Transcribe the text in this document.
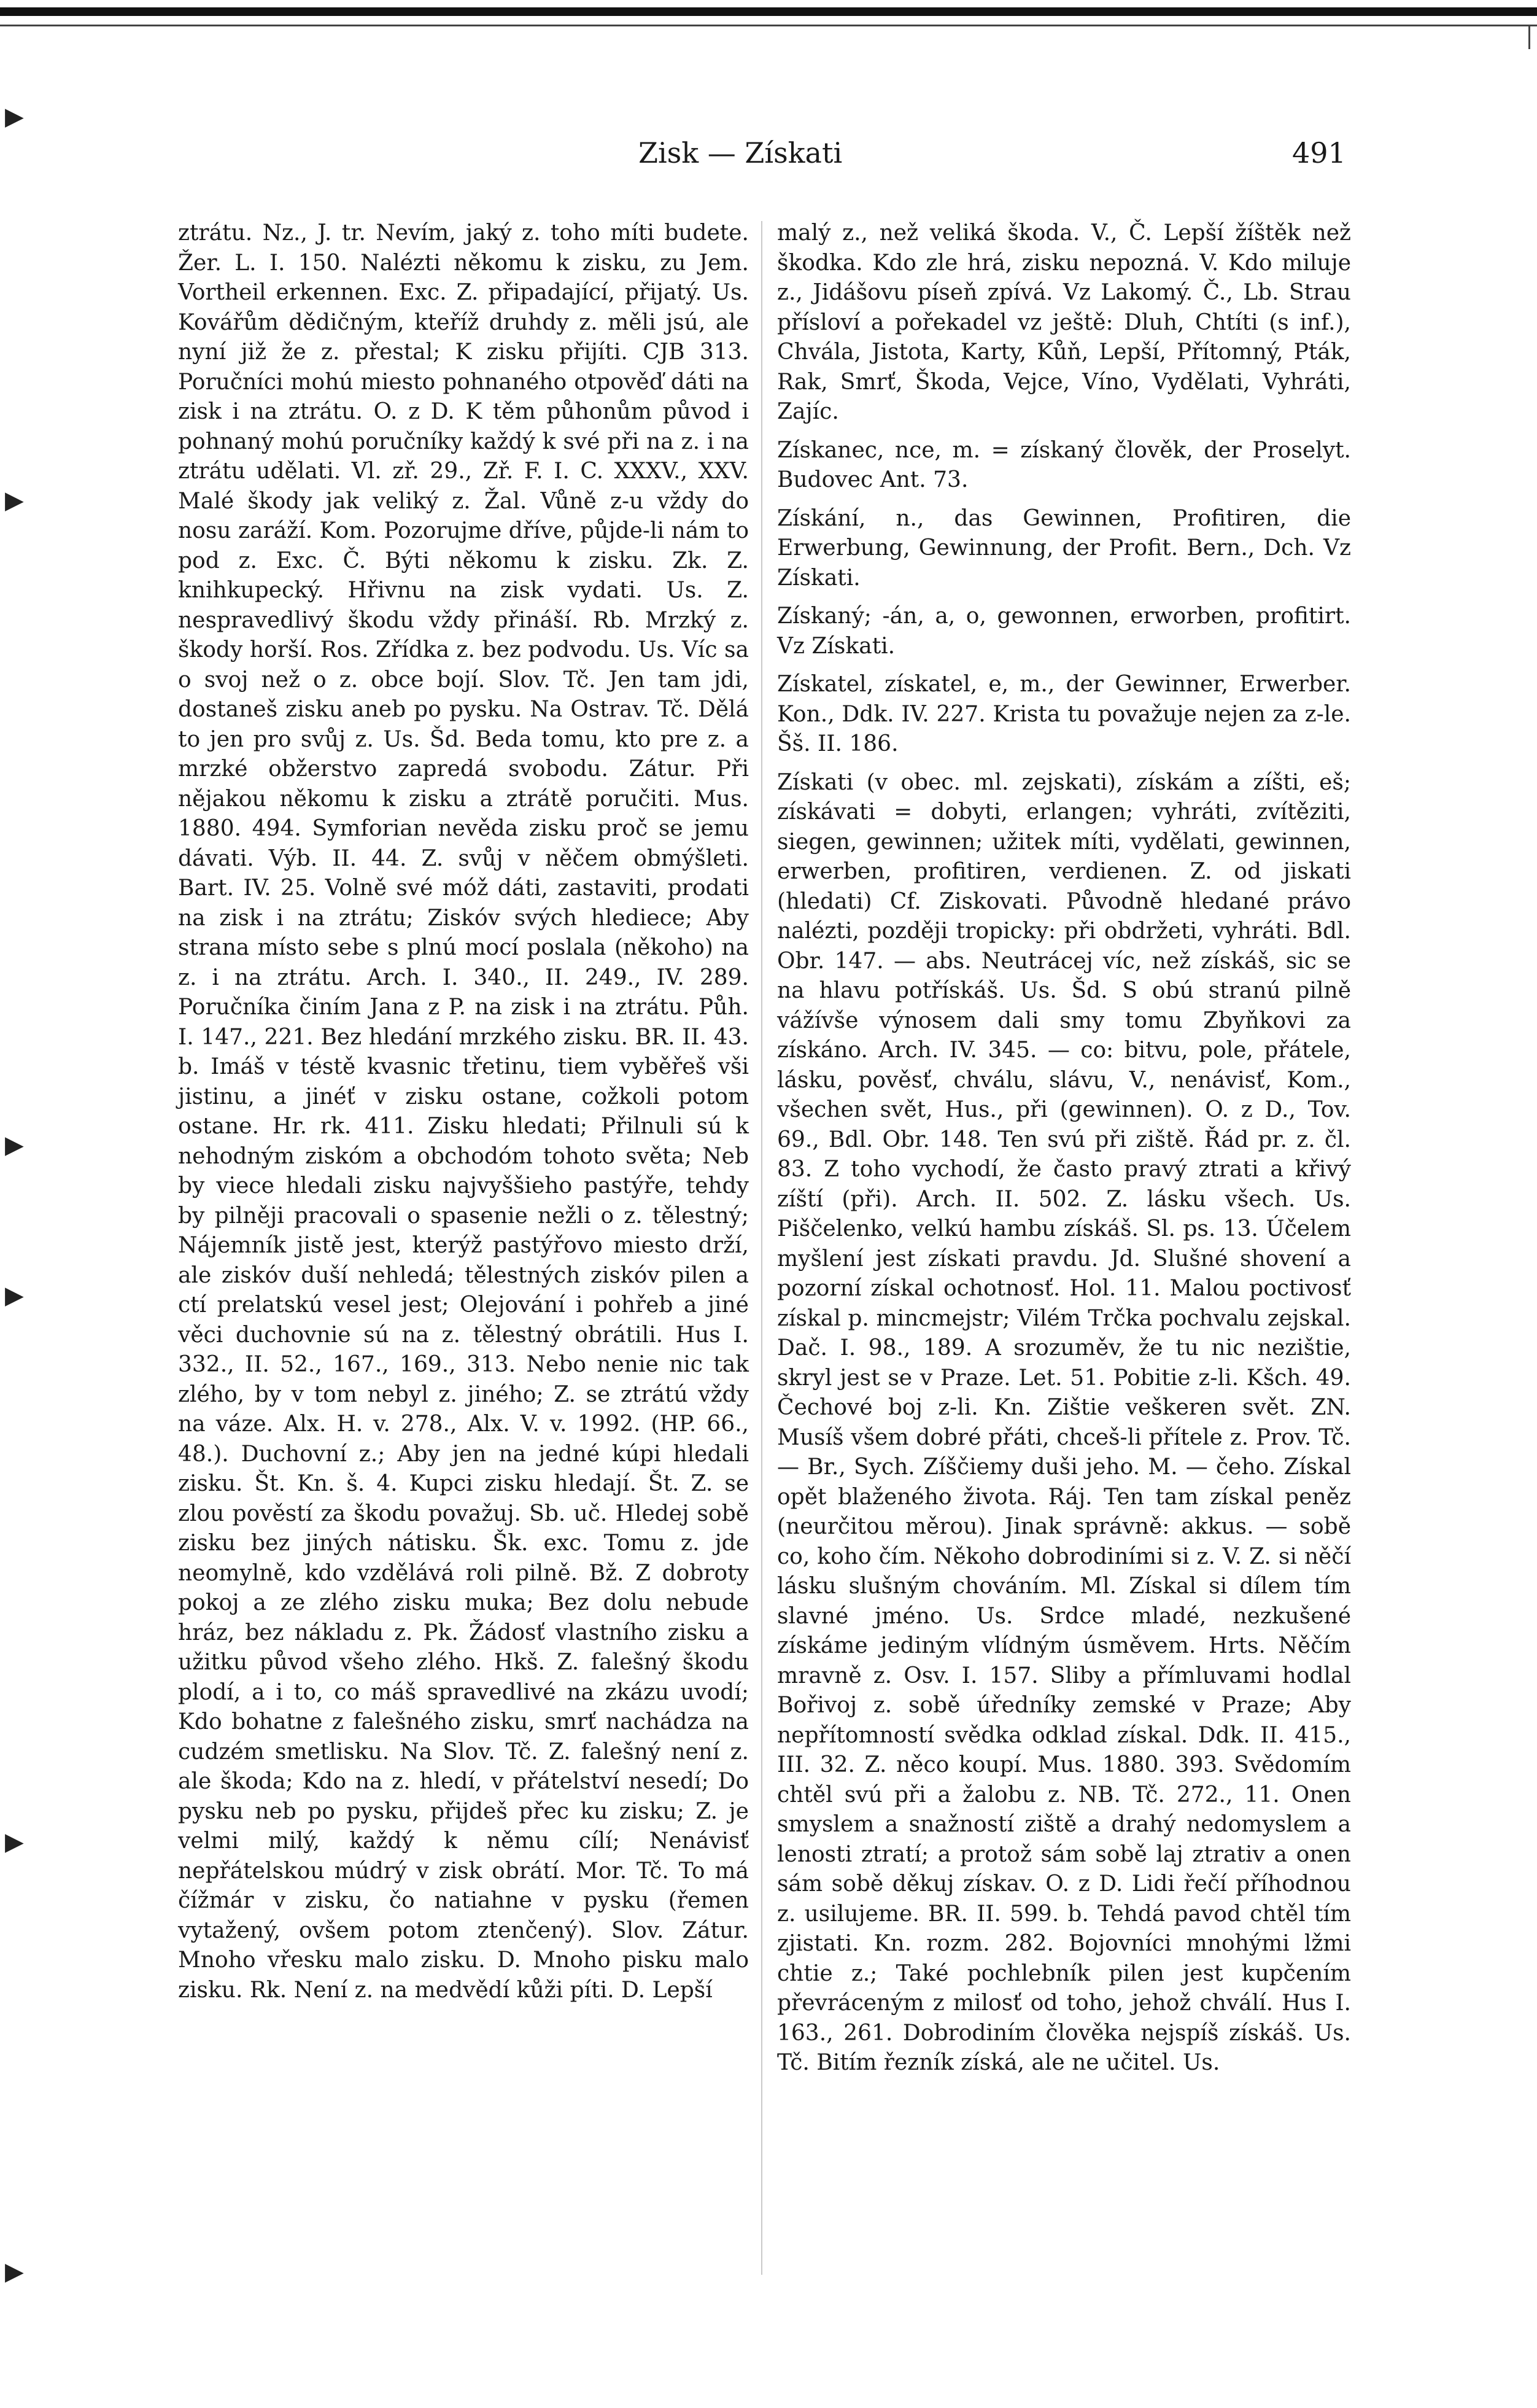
▶
▶
▶
▶
▶
▶
Zisk — Získati	491

ztrátu. Nz., J. tr. Nevím, jaký z. toho míti budete. Žer. L. I. 150. Nalézti někomu k zisku, zu Jem. Vortheil erkennen. Exc. Z. připadající, přijatý. Us. Kovářům dědičným, kteříž druhdy z. měli jsú, ale nyní již že z. přestal; K zisku přijíti. CJB 313. Poručníci mohú miesto pohnaného otpověď dáti na zisk i na ztrátu. O. z D. K těm půhonům původ i pohnaný mohú poručníky každý k své při na z. i na ztrátu udělati. Vl. zř. 29., Zř. F. I. C. XXXV., XXV. Malé škody jak veliký z. Žal. Vůně z-u vždy do nosu zaráží. Kom. Pozorujme dříve, půjde-li nám to pod z. Exc. Č. Býti někomu k zisku. Zk. Z. knihkupecký. Hřivnu na zisk vydati. Us. Z. nespravedlivý škodu vždy přináší. Rb. Mrzký z. škody horší. Ros. Zřídka z. bez podvodu. Us. Víc sa o svoj než o z. obce bojí. Slov. Tč. Jen tam jdi, dostaneš zisku aneb po pysku. Na Ostrav. Tč. Dělá to jen pro svůj z. Us. Šd. Beda tomu, kto pre z. a mrzké obžerstvo zapredá svobodu. Zátur. Při nějakou někomu k zisku a ztrátě poručiti. Mus. 1880. 494. Symforian nevěda zisku proč se jemu dávati. Výb. II. 44. Z. svůj v něčem obmýšleti. Bart. IV. 25. Volně své móž dáti, zastaviti, prodati na zisk i na ztrátu; Ziskóv svých hlediece; Aby strana místo sebe s plnú mocí poslala (někoho) na z. i na ztrátu. Arch. I. 340., II. 249., IV. 289. Poručníka činím Jana z P. na zisk i na ztrátu. Půh. I. 147., 221. Bez hledání mrzkého zisku. BR. II. 43. b. Imáš v téstě kvasnic třetinu, tiem vyběřeš vši jistinu, a jinéť v zisku ostane, cožkoli potom ostane. Hr. rk. 411. Zisku hledati; Přilnuli sú k nehodným ziskóm a obchodóm tohoto světa; Neb by viece hledali zisku najvyššieho pastýře, tehdy by pilněji pracovali o spasenie nežli o z. tělestný; Nájemník jistě jest, kterýž pastýřovo miesto drží, ale ziskóv duší nehledá; tělestných ziskóv pilen a ctí prelatskú vesel jest; Olejování i pohřeb a jiné věci duchovnie sú na z. tělestný obrátili. Hus I. 332., II. 52., 167., 169., 313. Nebo nenie nic tak zlého, by v tom nebyl z. jiného; Z. se ztrátú vždy na váze. Alx. H. v. 278., Alx. V. v. 1992. (HP. 66., 48.). Duchovní z.; Aby jen na jedné kúpi hledali zisku. Št. Kn. š. 4. Kupci zisku hledají. Št. Z. se zlou pověstí za škodu považuj. Sb. uč. Hledej sobě zisku bez jiných nátisku. Šk. exc. Tomu z. jde neomylně, kdo vzdělává roli pilně. Bž. Z dobroty pokoj a ze zlého zisku muka; Bez dolu nebude hráz, bez nákladu z. Pk. Žádosť vlastního zisku a užitku původ všeho zlého. Hkš. Z. falešný škodu plodí, a i to, co máš spravedlivé na zkázu uvodí; Kdo bohatne z falešného zisku, smrť nachádza na cudzém smetlisku. Na Slov. Tč. Z. falešný není z. ale škoda; Kdo na z. hledí, v přátelství nesedí; Do pysku neb po pysku, přijdeš přec ku zisku; Z. je velmi milý, každý k němu cílí; Nenávisť nepřátelskou múdrý v zisk obrátí. Mor. Tč. To má čížmár v zisku, čo natiahne v pysku (řemen vytažený, ovšem potom ztenčený). Slov. Zátur. Mnoho vřesku malo zisku. D. Mnoho pisku malo zisku. Rk. Není z. na medvědí kůži píti. D. Lepší

malý z., než veliká škoda. V., Č. Lepší žíštěk než škodka. Kdo zle hrá, zisku nepozná. V. Kdo miluje z., Jidášovu píseň zpívá. Vz Lakomý. Č., Lb. Strau přísloví a pořekadel vz ještě: Dluh, Chtíti (s inf.), Chvála, Jistota, Karty, Kůň, Lepší, Přítomný, Pták, Rak, Smrť, Škoda, Vejce, Víno, Vydělati, Vyhráti, Zajíc.

Získanec, nce, m. = získaný člověk, der Proselyt. Budovec Ant. 73.

Získání, n., das Gewinnen, Profitiren, die Erwerbung, Gewinnung, der Profit. Bern., Dch. Vz Získati.

Získaný; -án, a, o, gewonnen, erworben, profitirt. Vz Získati.

Získatel, získatel, e, m., der Gewinner, Erwerber. Kon., Ddk. IV. 227. Krista tu považuje nejen za z-le. Šš. II. 186.

Získati (v obec. ml. zejskati), získám a zíšti, eš; získávati = dobyti, erlangen; vyhráti, zvítěziti, siegen, gewinnen; užitek míti, vydělati, gewinnen, erwerben, profitiren, verdienen. Z. od jiskati (hledati) Cf. Ziskovati. Původně hledané právo nalézti, později tropicky: při obdržeti, vyhráti. Bdl. Obr. 147. — abs. Neutrácej víc, než získáš, sic se na hlavu potřískáš. Us. Šd. S obú stranú pilně vážívše výnosem dali smy tomu Zbyňkovi za získáno. Arch. IV. 345. — co: bitvu, pole, přátele, lásku, pověsť, chválu, slávu, V., nenávisť, Kom., všechen svět, Hus., při (gewinnen). O. z D., Tov. 69., Bdl. Obr. 148. Ten svú při ziště. Řád pr. z. čl. 83. Z toho vychodí, že často pravý ztrati a křivý zíští (při). Arch. II. 502. Z. lásku všech. Us. Piščelenko, velkú hambu získáš. Sl. ps. 13. Účelem myšlení jest získati pravdu. Jd. Slušné shovení a pozorní získal ochotnosť. Hol. 11. Malou poctivosť získal p. mincmejstr; Vilém Trčka pochvalu zejskal. Dač. I. 98., 189. A srozuměv, že tu nic nezištie, skryl jest se v Praze. Let. 51. Pobitie z-li. Kšch. 49. Čechové boj z-li. Kn. Zištie veškeren svět. ZN. Musíš všem dobré přáti, chceš-li přítele z. Prov. Tč. — Br., Sych. Zíščiemy duši jeho. M. — čeho. Získal opět blaženého života. Ráj. Ten tam získal peněz (neurčitou měrou). Jinak správně: akkus. — sobě co, koho čím. Někoho dobrodiními si z. V. Z. si něčí lásku slušným chováním. Ml. Získal si dílem tím slavné jméno. Us. Srdce mladé, nezkušené získáme jediným vlídným úsměvem. Hrts. Něčím mravně z. Osv. I. 157. Sliby a přímluvami hodlal Bořivoj z. sobě úředníky zemské v Praze; Aby nepřítomností svědka odklad získal. Ddk. II. 415., III. 32. Z. něco koupí. Mus. 1880. 393. Svědomím chtěl svú při a žalobu z. NB. Tč. 272., 11. Onen smyslem a snažností ziště a drahý nedomyslem a lenosti ztratí; a protož sám sobě laj ztrativ a onen sám sobě děkuj získav. O. z D. Lidi řečí příhodnou z. usilujeme. BR. II. 599. b. Tehdá pavod chtěl tím zjistati. Kn. rozm. 282. Bojovníci mnohými lžmi chtie z.; Také pochlebník pilen jest kupčením převráceným z milosť od toho, jehož chválí. Hus I. 163., 261. Dobrodiním člověka nejspíš získáš. Us. Tč. Bitím řezník získá, ale ne učitel. Us.
